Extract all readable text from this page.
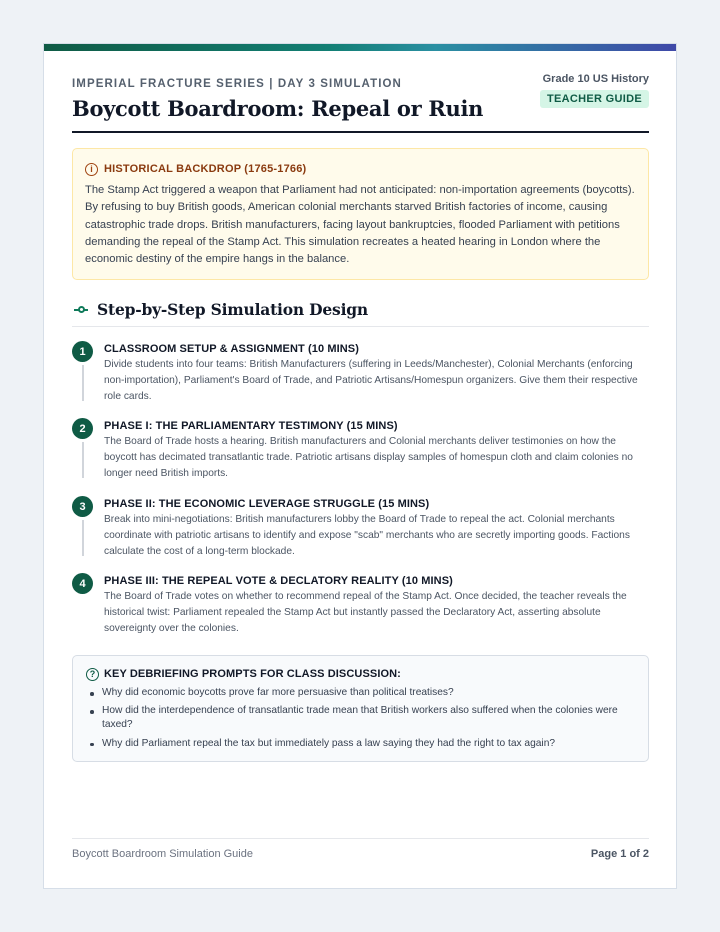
IMPERIAL FRACTURE SERIES | DAY 3 SIMULATION
Boycott Boardroom: Repeal or Ruin
Grade 10 US History
TEACHER GUIDE
i	HISTORICAL BACKDROP (1765-1766)

The Stamp Act triggered a weapon that Parliament had not anticipated: non-importation agreements (boycotts). By refusing to buy British goods, American colonial merchants starved British factories of income, causing catastrophic trade drops. British manufacturers, facing layout bankruptcies, flooded Parliament with petitions demanding the repeal of the Stamp Act. This simulation recreates a heated hearing in London where the economic destiny of the empire hangs in the balance.

Step-by-Step Simulation Design
1	CLASSROOM SETUP & ASSIGNMENT (10 MINS)
Divide students into four teams: British Manufacturers (suffering in Leeds/Manchester), Colonial Merchants (enforcing non-importation), Parliament's Board of Trade, and Patriotic Artisans/Homespun organizers. Give them their respective role cards.
2	PHASE I: THE PARLIAMENTARY TESTIMONY (15 MINS)
The Board of Trade hosts a hearing. British manufacturers and Colonial merchants deliver testimonies on how the boycott has decimated transatlantic trade. Patriotic artisans display samples of homespun cloth and claim colonies no longer need British imports.
3	PHASE II: THE ECONOMIC LEVERAGE STRUGGLE (15 MINS)
Break into mini-negotiations: British manufacturers lobby the Board of Trade to repeal the act. Colonial merchants coordinate with patriotic artisans to identify and expose "scab" merchants who are secretly importing goods. Factions calculate the cost of a long-term blockade.
4	PHASE III: THE REPEAL VOTE & DECLATORY REALITY (10 MINS)
The Board of Trade votes on whether to recommend repeal of the Stamp Act. Once decided, the teacher reveals the historical twist: Parliament repealed the Stamp Act but instantly passed the Declaratory Act, asserting absolute sovereignty over the colonies.
? KEY DEBRIEFING PROMPTS FOR CLASS DISCUSSION:
Why did economic boycotts prove far more persuasive than political treatises?
How did the interdependence of transatlantic trade mean that British workers also suffered when the colonies were taxed?
Why did Parliament repeal the tax but immediately pass a law saying they had the right to tax again?
Boycott Boardroom Simulation Guide	Page 1 of 2
